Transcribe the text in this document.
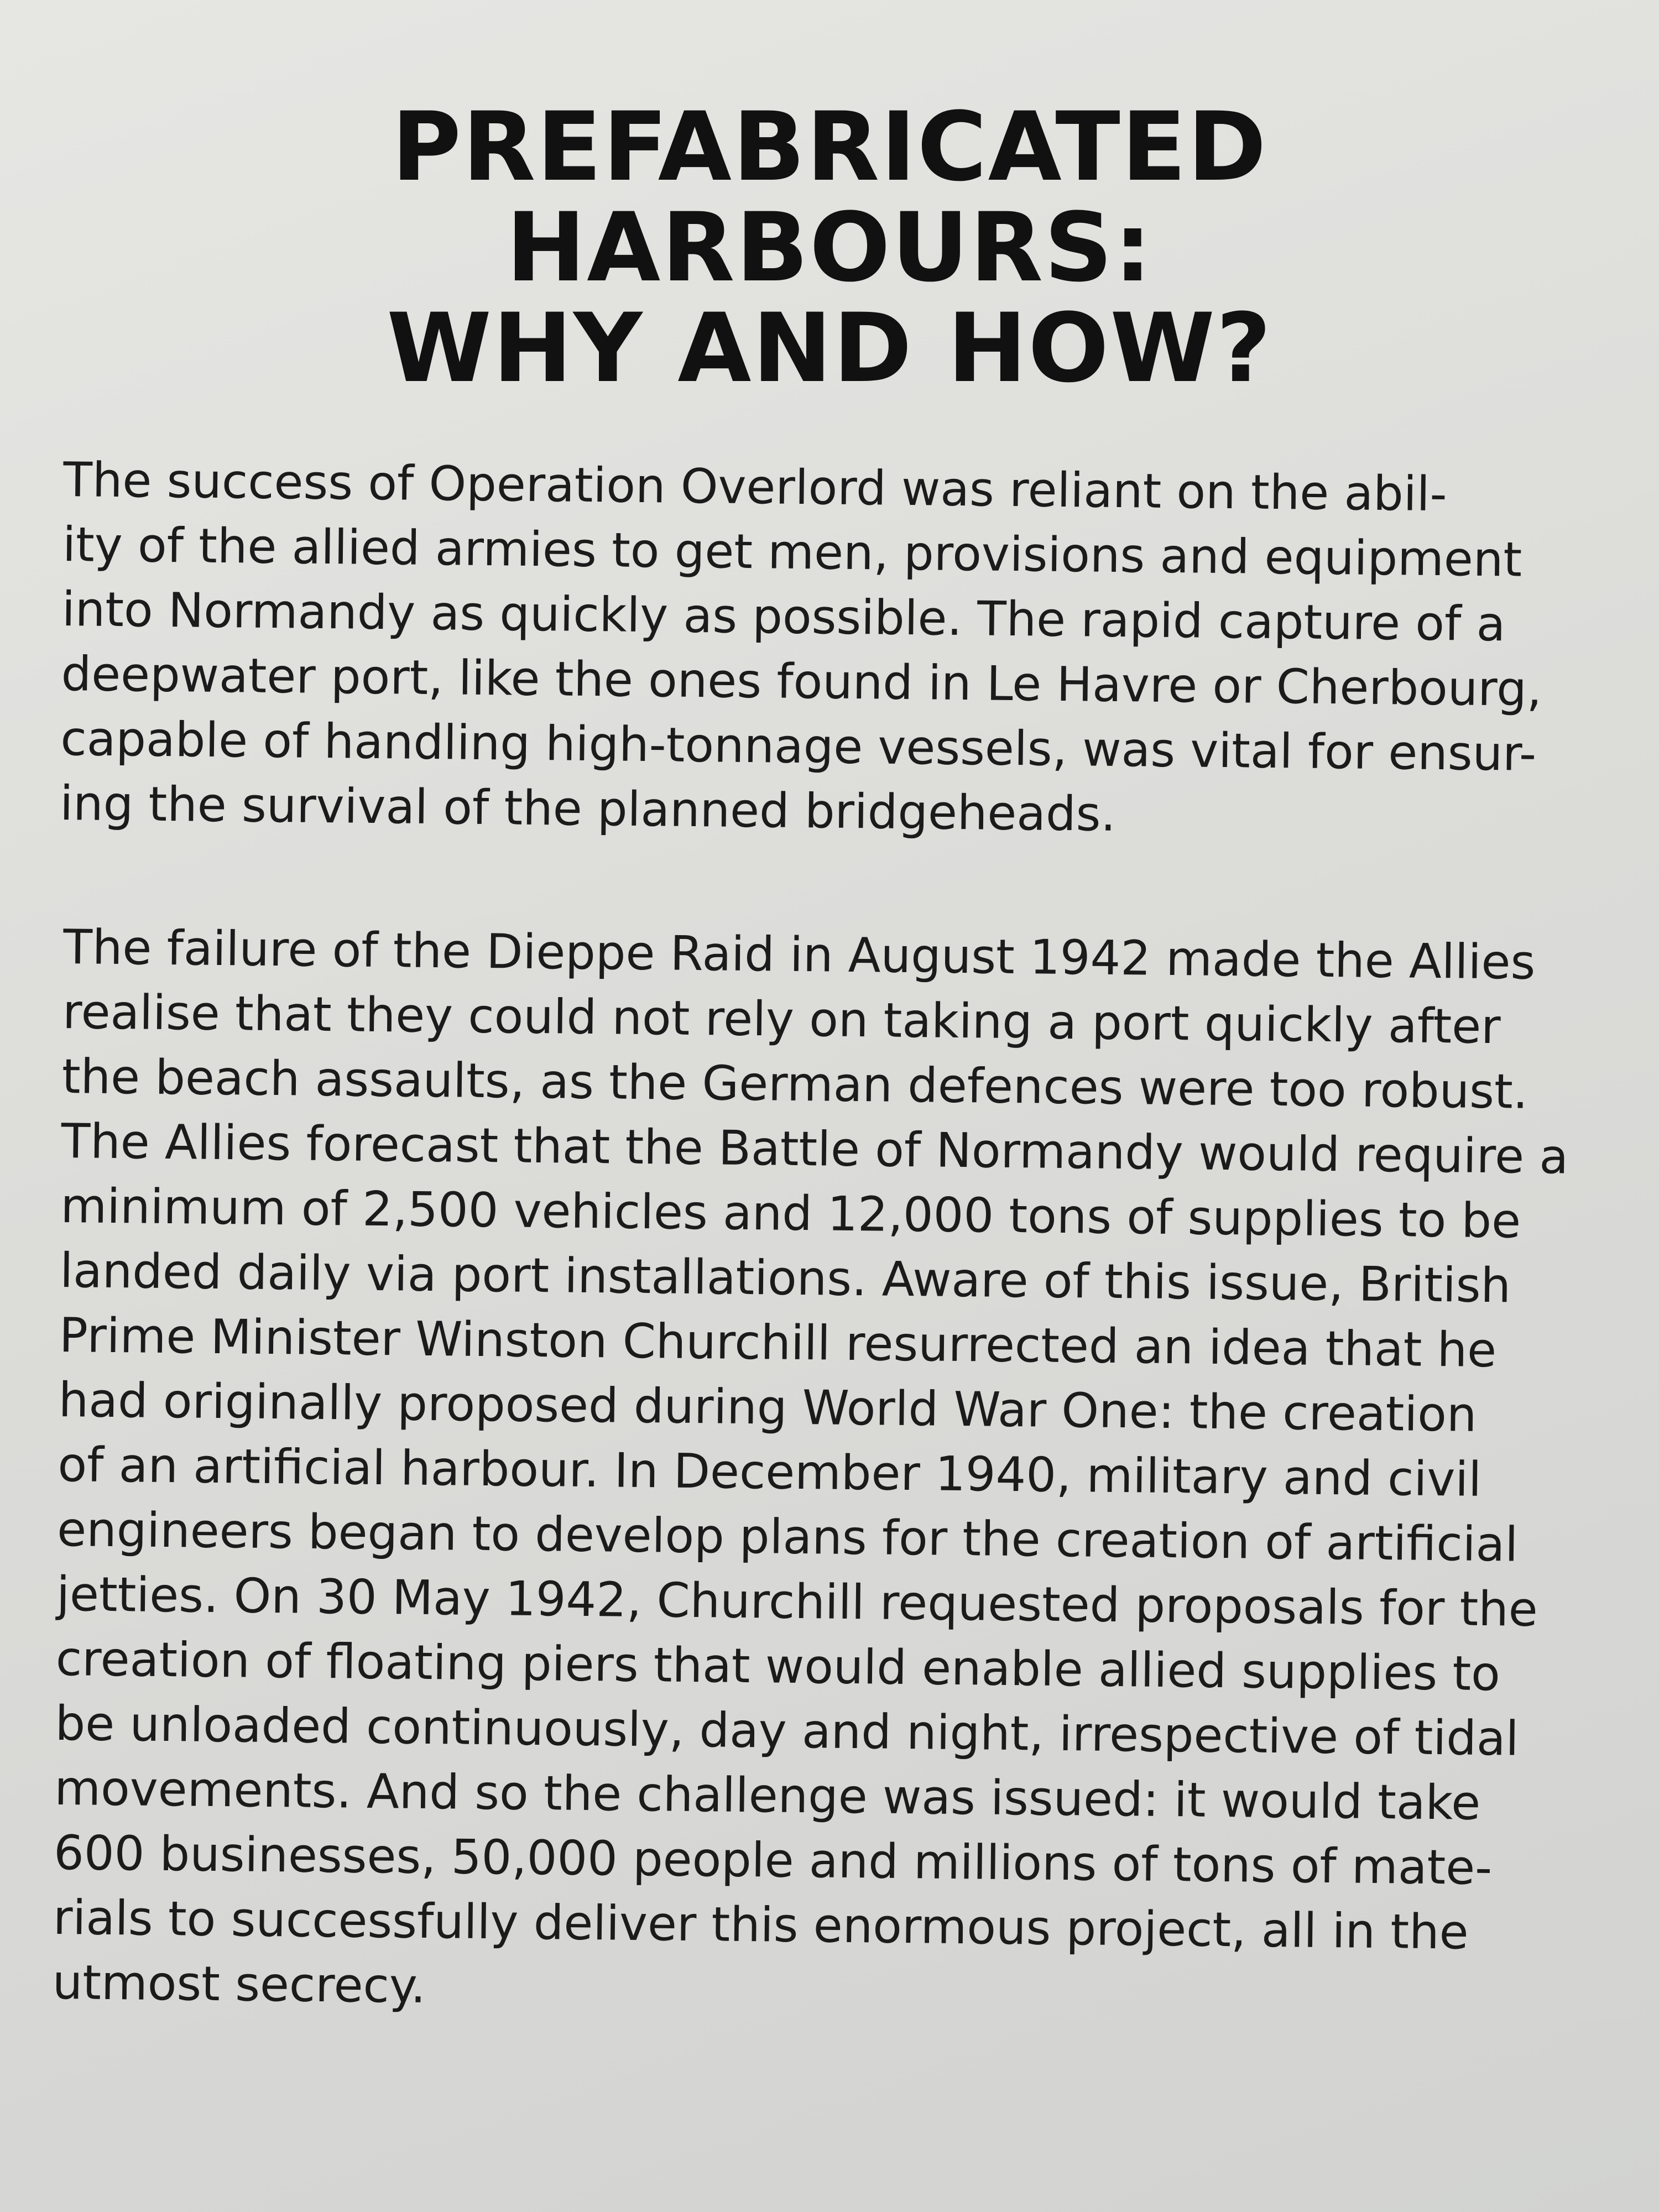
PREFABRICATED
HARBOURS:
WHY AND HOW?
The success of Operation Overlord was reliant on the abil-
ity of the allied armies to get men, provisions and equipment
into Normandy as quickly as possible. The rapid capture of a
deepwater port, like the ones found in Le Havre or Cherbourg,
capable of handling high-tonnage vessels, was vital for ensur-
ing the survival of the planned bridgeheads.
The failure of the Dieppe Raid in August 1942 made the Allies
realise that they could not rely on taking a port quickly after
the beach assaults, as the German defences were too robust.
The Allies forecast that the Battle of Normandy would require a
minimum of 2,500 vehicles and 12,000 tons of supplies to be
landed daily via port installations. Aware of this issue, British
Prime Minister Winston Churchill resurrected an idea that he
had originally proposed during World War One: the creation
of an artificial harbour. In December 1940, military and civil
engineers began to develop plans for the creation of artificial
jetties. On 30 May 1942, Churchill requested proposals for the
creation of floating piers that would enable allied supplies to
be unloaded continuously, day and night, irrespective of tidal
movements. And so the challenge was issued: it would take
600 businesses, 50,000 people and millions of tons of mate-
rials to successfully deliver this enormous project, all in the
utmost secrecy.
